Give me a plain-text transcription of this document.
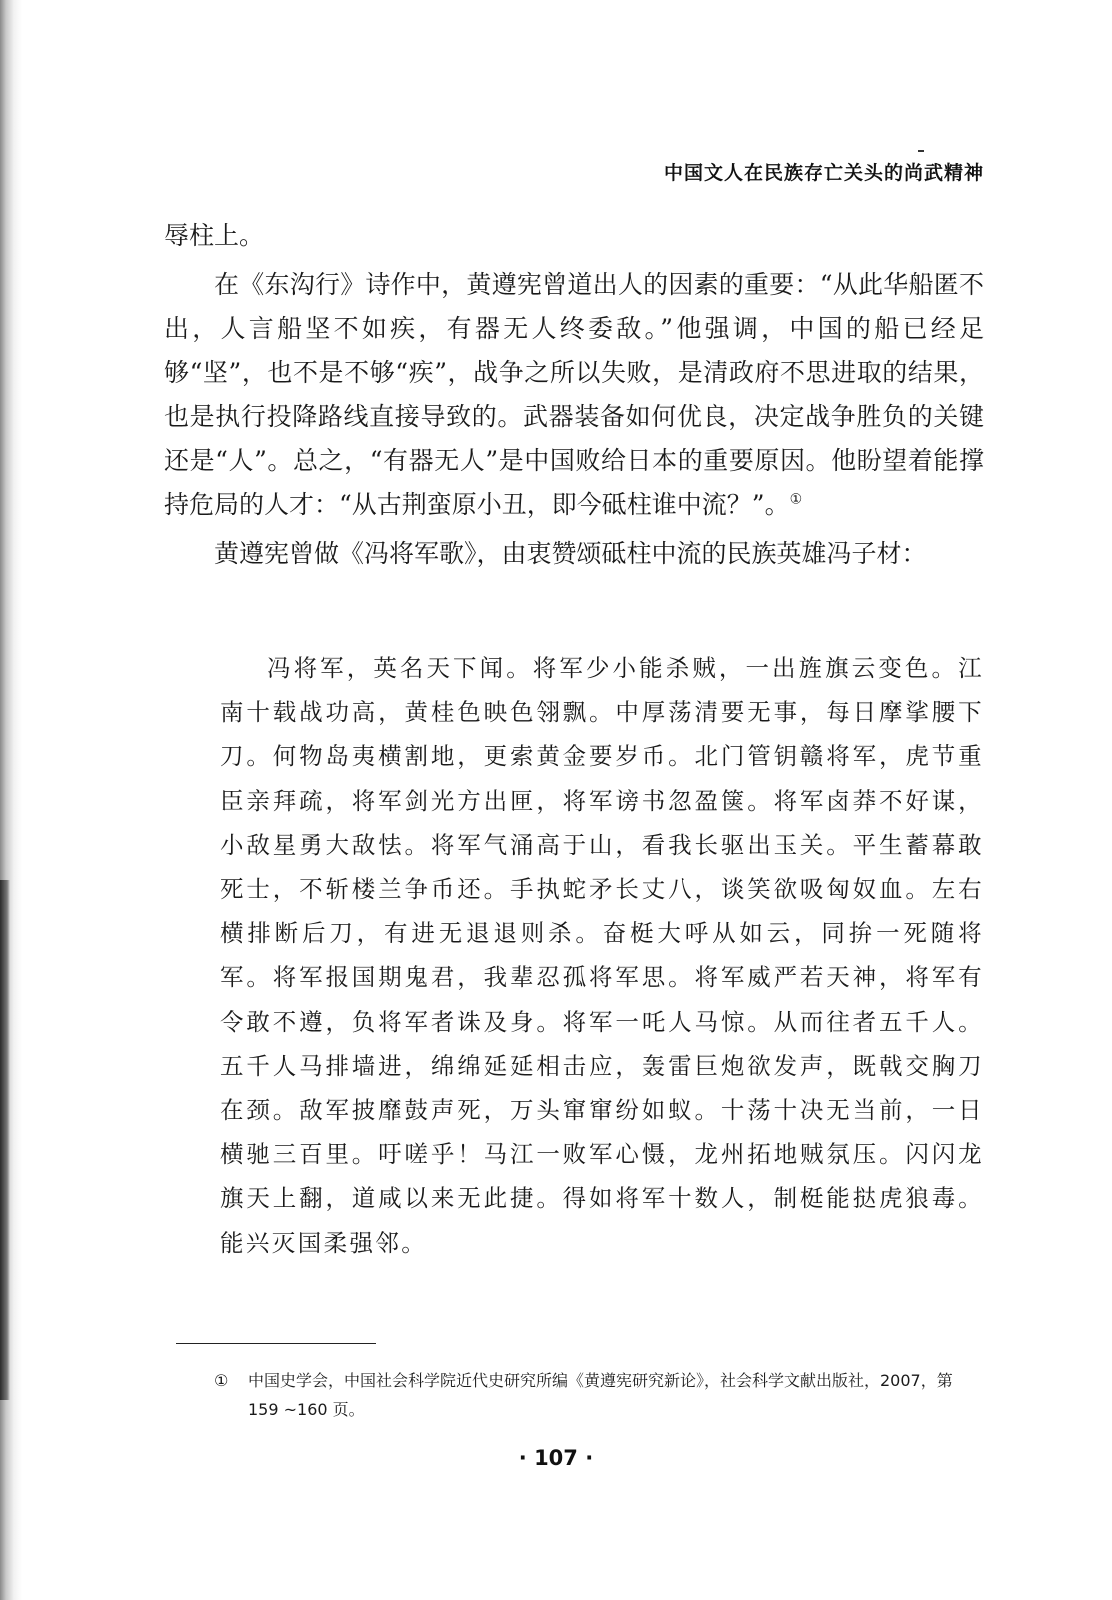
中国文人在民族存亡关头的尚武精神

辱柱上。

在《东沟行》诗作中，黄遵宪曾道出人的因素的重要：“从此华船匿不出，人言船坚不如疾，有器无人终委敌。”他强调，中国的船已经足够“坚”，也不是不够“疾”，战争之所以失败，是清政府不思进取的结果，也是执行投降路线直接导致的。武器装备如何优良，决定战争胜负的关键还是“人”。总之，“有器无人”是中国败给日本的重要原因。他盼望着能撑持危局的人才：“从古荆蛮原小丑，即今砥柱谁中流？”。①

黄遵宪曾做《冯将军歌》，由衷赞颂砥柱中流的民族英雄冯子材：

冯将军，英名天下闻。将军少小能杀贼，一出旌旗云变色。江南十载战功高，黄桂色映色翎飘。中厚荡清要无事，每日摩挲腰下刀。何物岛夷横割地，更索黄金要岁币。北门管钥赣将军，虎节重臣亲拜疏，将军剑光方出匣，将军谤书忽盈箧。将军卤莽不好谋，小敌星勇大敌怯。将军气涌高于山，看我长驱出玉关。平生蓄幕敢死士，不斩楼兰争币还。手执蛇矛长丈八，谈笑欲吸匈奴血。左右横排断后刀，有进无退退则杀。奋梃大呼从如云，同拚一死随将军。将军报国期鬼君，我辈忍孤将军思。将军威严若天神，将军有令敢不遵，负将军者诛及身。将军一吒人马惊。从而往者五千人。五千人马排墙进，绵绵延延相击应，轰雷巨炮欲发声，既戟交胸刀在颈。敌军披靡鼓声死，万头窜窜纷如蚁。十荡十决无当前，一日横驰三百里。吁嗟乎！马江一败军心慑，龙州拓地贼氛压。闪闪龙旗天上翻，道咸以来无此捷。得如将军十数人，制梃能挞虎狼毒。能兴灭国柔强邻。
① 中国史学会，中国社会科学院近代史研究所编《黄遵宪研究新论》，社会科学文献出版社，2007，第 159 ~160 页。
· 107 ·
